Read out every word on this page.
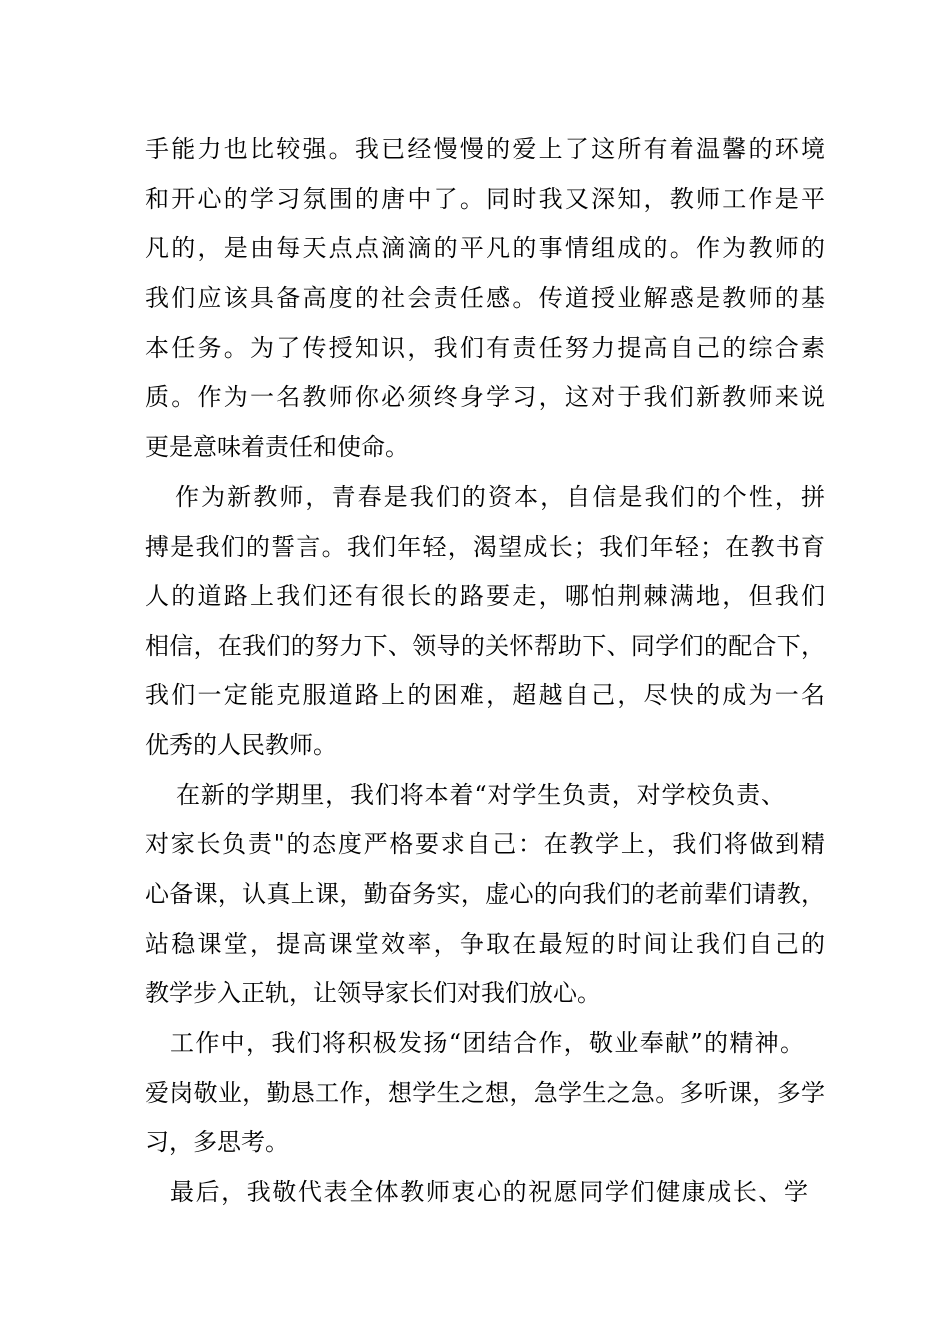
手能力也比较强。我已经慢慢的爱上了这所有着温馨的环境
和开心的学习氛围的唐中了。同时我又深知，教师工作是平
凡的，是由每天点点滴滴的平凡的事情组成的。作为教师的
我们应该具备高度的社会责任感。传道授业解惑是教师的基
本任务。为了传授知识，我们有责任努力提高自己的综合素
质。作为一名教师你必须终身学习，这对于我们新教师来说
更是意味着责任和使命。
作为新教师，青春是我们的资本，自信是我们的个性，拼
搏是我们的誓言。我们年轻，渴望成长；我们年轻；在教书育
人的道路上我们还有很长的路要走，哪怕荆棘满地，但我们
相信，在我们的努力下、领导的关怀帮助下、同学们的配合下，
我们一定能克服道路上的困难，超越自己，尽快的成为一名
优秀的人民教师。
在新的学期里，我们将本着“对学生负责，对学校负责、
对家长负责"的态度严格要求自己：在教学上，我们将做到精
心备课，认真上课，勤奋务实，虚心的向我们的老前辈们请教，
站稳课堂，提高课堂效率，争取在最短的时间让我们自己的
教学步入正轨，让领导家长们对我们放心。
工作中，我们将积极发扬“团结合作，敬业奉献”的精神。
爱岗敬业，勤恳工作，想学生之想，急学生之急。多听课，多学
习，多思考。
最后，我敬代表全体教师衷心的祝愿同学们健康成长、学
